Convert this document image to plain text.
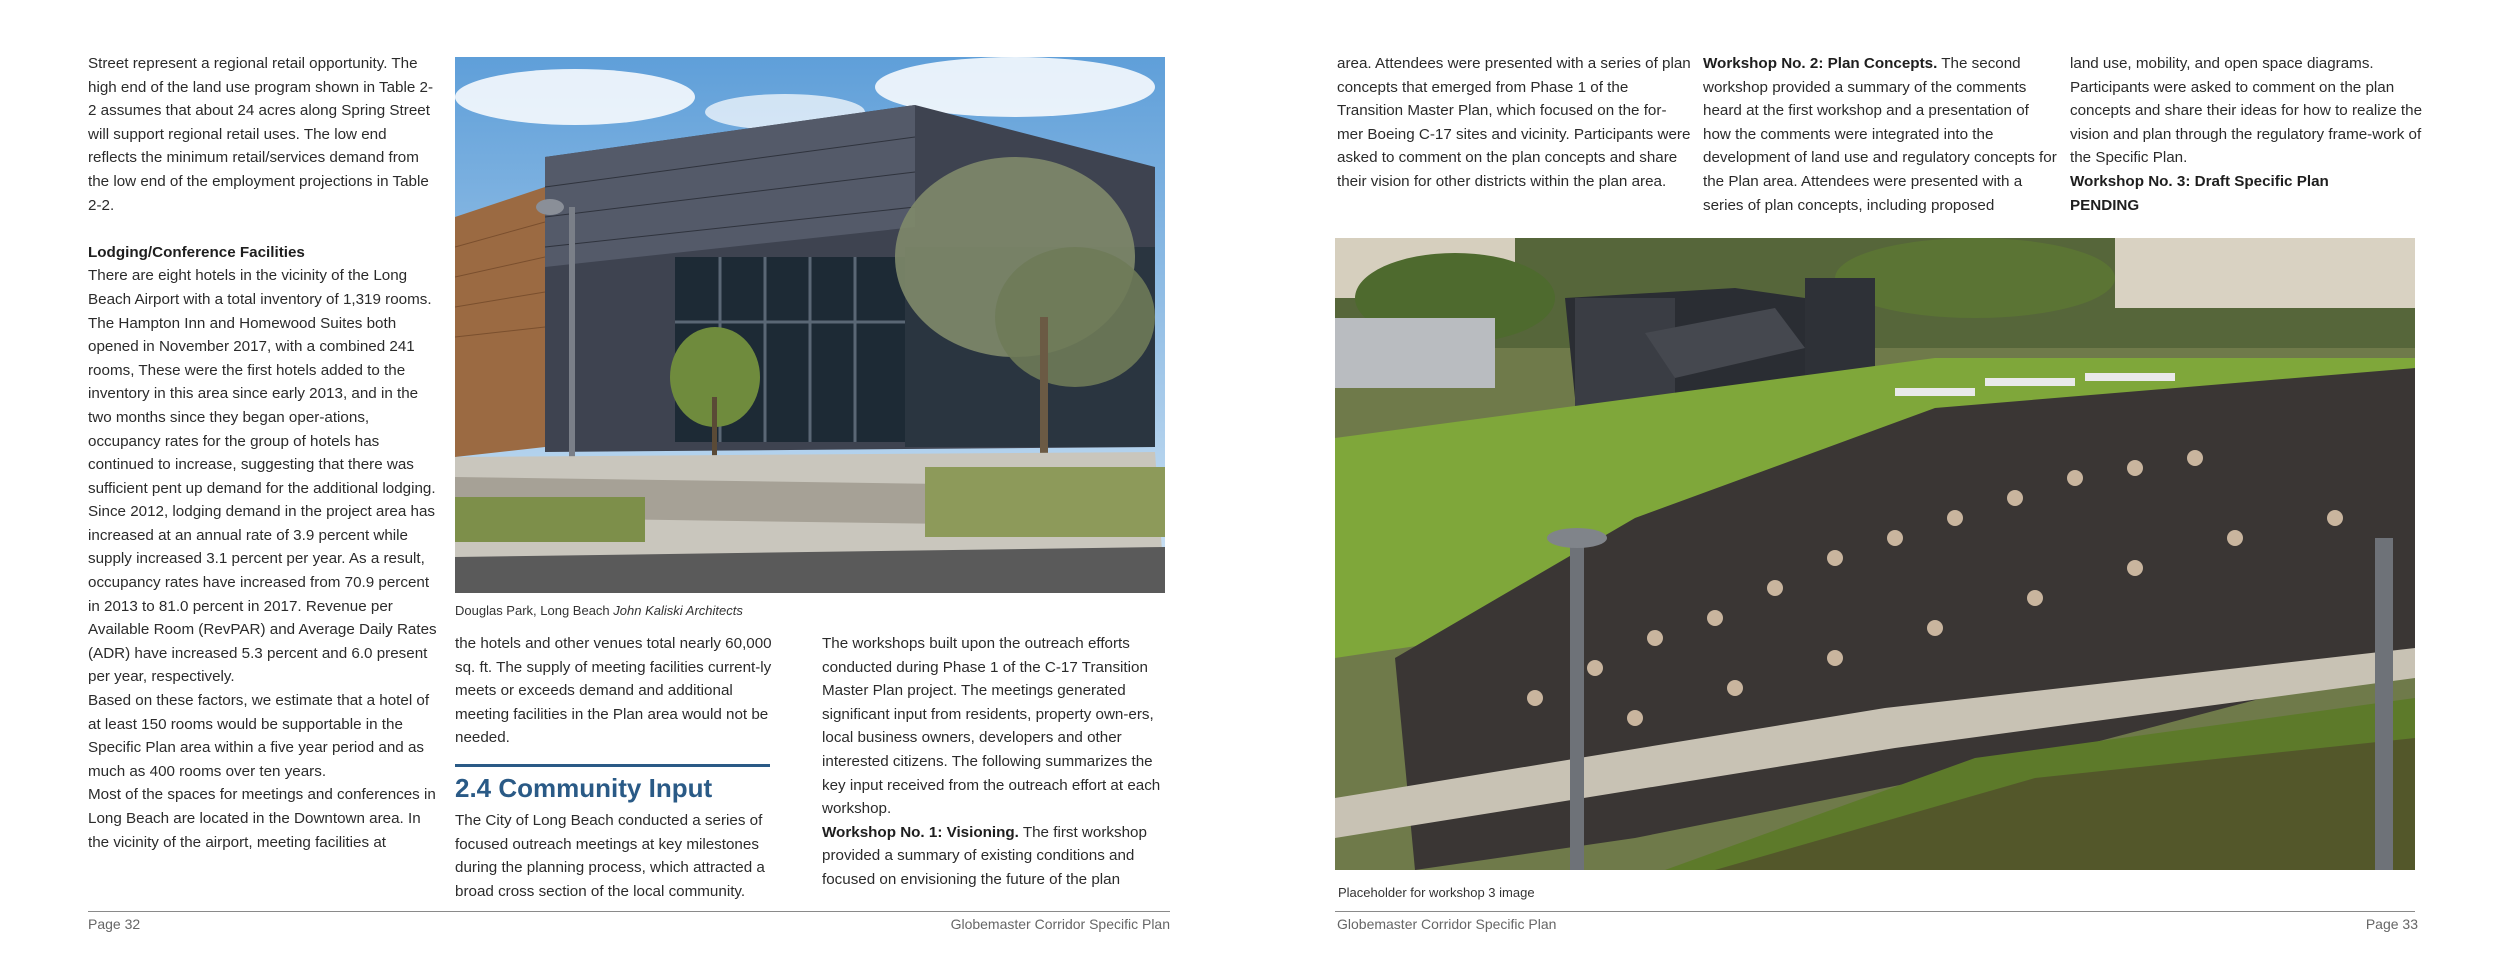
Street represent a regional retail opportunity. The high end of the land use program shown in Table 2-2 assumes that about 24 acres along Spring Street will support regional retail uses. The low end reflects the minimum retail/services demand from the low end of the employment projections in Table 2-2.

Lodging/Conference Facilities

There are eight hotels in the vicinity of the Long Beach Airport with a total inventory of 1,319 rooms. The Hampton Inn and Homewood Suites both opened in November 2017, with a combined 241 rooms, These were the first hotels added to the inventory in this area since early 2013, and in the two months since they began oper-ations, occupancy rates for the group of hotels has continued to increase, suggesting that there was sufficient pent up demand for the additional lodging.

Since 2012, lodging demand in the project area has increased at an annual rate of 3.9 percent while supply increased 3.1 percent per year. As a result, occupancy rates have increased from 70.9 percent in 2013 to 81.0 percent in 2017. Revenue per Available Room (RevPAR) and Average Daily Rates (ADR) have increased 5.3 percent and 6.0 present per year, respectively.

Based on these factors, we estimate that a hotel of at least 150 rooms would be supportable in the Specific Plan area within a five year period and as much as 400 rooms over ten years.

Most of the spaces for meetings and conferences in Long Beach are located in the Downtown area. In the vicinity of the airport, meeting facilities at

Douglas Park, Long Beach John Kaliski Architects

the hotels and other venues total nearly 60,000 sq. ft. The supply of meeting facilities current-ly meets or exceeds demand and additional meeting facilities in the Plan area would not be needed.

2.4 Community Input

The City of Long Beach conducted a series of focused outreach meetings at key milestones during the planning process, which attracted a broad cross section of the local community.

The workshops built upon the outreach efforts conducted during Phase 1 of the C-17 Transition Master Plan project. The meetings generated significant input from residents, property own-ers, local business owners, developers and other interested citizens. The following summarizes the key input received from the outreach effort at each workshop.

Workshop No. 1: Visioning. The first workshop provided a summary of existing conditions and focused on envisioning the future of the plan

Page 32	Globemaster Corridor Specific Plan

area. Attendees were presented with a series of plan concepts that emerged from Phase 1 of the Transition Master Plan, which focused on the for-mer Boeing C-17 sites and vicinity. Participants were asked to comment on the plan concepts and share their vision for other districts within the plan area.

Workshop No. 2: Plan Concepts. The second workshop provided a summary of the comments heard at the first workshop and a presentation of how the comments were integrated into the development of land use and regulatory concepts for the Plan area. Attendees were presented with a series of plan concepts, including proposed

land use, mobility, and open space diagrams. Participants were asked to comment on the plan concepts and share their ideas for how to realize the vision and plan through the regulatory frame-work of the Specific Plan.

Workshop No. 3: Draft Specific Plan

PENDING

Placeholder for workshop 3 image
Globemaster Corridor Specific Plan	Page 33
